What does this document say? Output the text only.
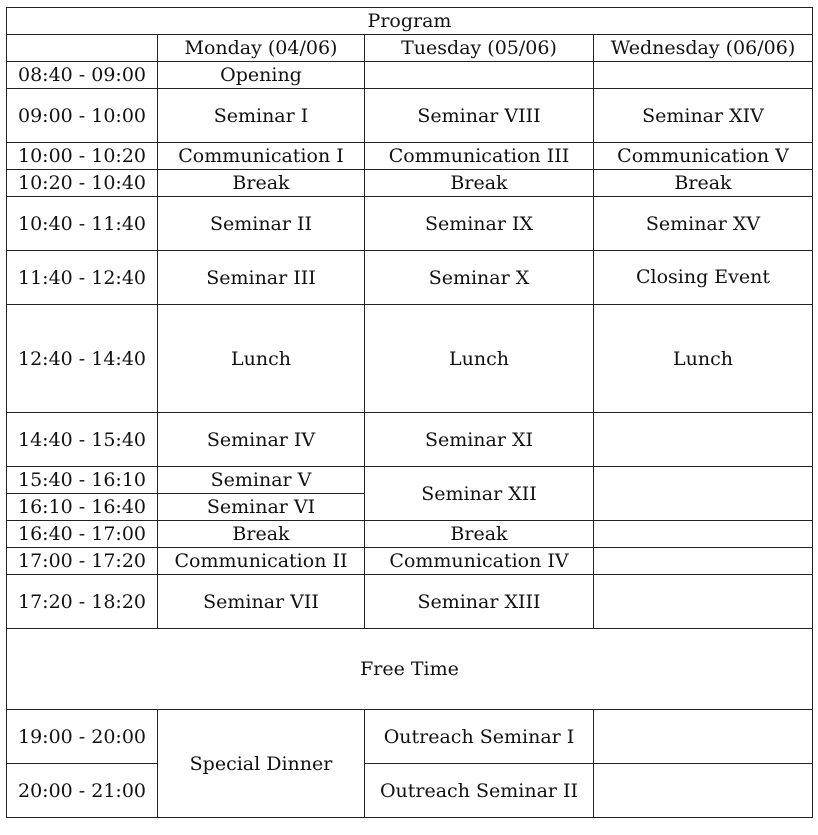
Program			
	Monday (04/06)	Tuesday (05/06)	Wednesday (06/06)
08:40 - 09:00	Opening		
09:00 - 10:00	Seminar I	Seminar VIII	Seminar XIV
10:00 - 10:20	Communication I	Communication III	Communication V
10:20 - 10:40	Break	Break	Break
10:40 - 11:40	Seminar II	Seminar IX	Seminar XV
11:40 - 12:40	Seminar III	Seminar X	Closing Event
12:40 - 14:40	Lunch	Lunch	Lunch
14:40 - 15:40	Seminar IV	Seminar XI	
15:40 - 16:10	Seminar V	Seminar XII	
16:10 - 16:40	Seminar VI		
16:40 - 17:00	Break	Break	
17:00 - 17:20	Communication II	Communication IV	
17:20 - 18:20	Seminar VII	Seminar XIII	
Free Time			
19:00 - 20:00	Special Dinner	Outreach Seminar I	
20:00 - 21:00		Outreach Seminar II	
